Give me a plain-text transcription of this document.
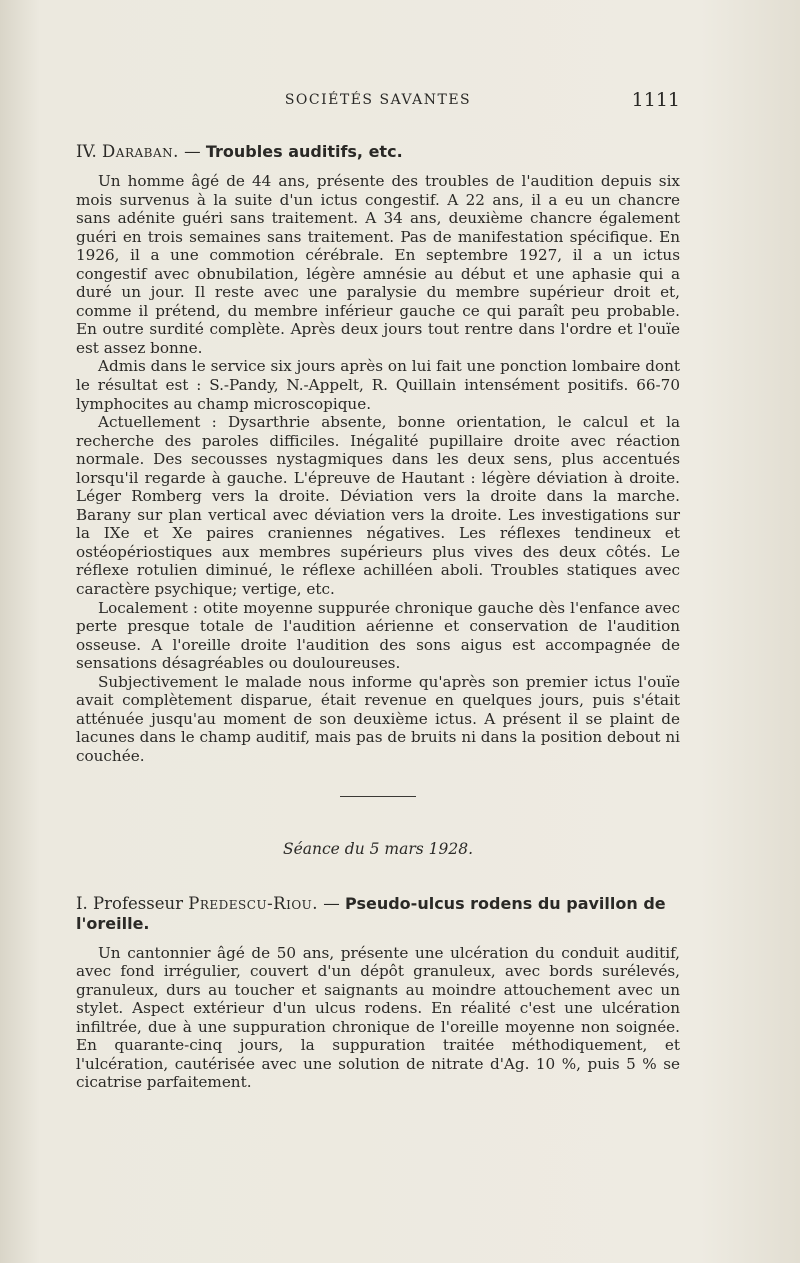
SOCIÉTÉS SAVANTES	1111
IV. Daraban. — Troubles auditifs, etc.

Un homme âgé de 44 ans, présente des troubles de l'audition depuis six mois survenus à la suite d'un ictus congestif. A 22 ans, il a eu un chancre sans adénite guéri sans traitement. A 34 ans, deuxième chancre également guéri en trois semaines sans traitement. Pas de manifestation spécifique. En 1926, il a une commotion cérébrale. En septembre 1927, il a un ictus congestif avec obnubilation, légère amnésie au début et une aphasie qui a duré un jour. Il reste avec une paralysie du membre supérieur droit et, comme il prétend, du membre inférieur gauche ce qui paraît peu probable. En outre surdité complète. Après deux jours tout rentre dans l'ordre et l'ouïe est assez bonne.

Admis dans le service six jours après on lui fait une ponction lombaire dont le résultat est : S.-Pandy, N.-Appelt, R. Quillain intensément positifs. 66-70 lymphocites au champ microscopique.

Actuellement : Dysarthrie absente, bonne orientation, le calcul et la recherche des paroles difficiles. Inégalité pupillaire droite avec réaction normale. Des secousses nystagmiques dans les deux sens, plus accentués lorsqu'il regarde à gauche. L'épreuve de Hautant : légère déviation à droite. Léger Romberg vers la droite. Déviation vers la droite dans la marche. Barany sur plan vertical avec déviation vers la droite. Les investigations sur la IXe et Xe paires craniennes négatives. Les réflexes tendineux et ostéopériostiques aux membres supérieurs plus vives des deux côtés. Le réflexe rotulien diminué, le réflexe achilléen aboli. Troubles statiques avec caractère psychique; vertige, etc.

Localement : otite moyenne suppurée chronique gauche dès l'enfance avec perte presque totale de l'audition aérienne et conservation de l'audition osseuse. A l'oreille droite l'audition des sons aigus est accompagnée de sensations désagréables ou douloureuses.

Subjectivement le malade nous informe qu'après son premier ictus l'ouïe avait complètement disparue, était revenue en quelques jours, puis s'était atténuée jusqu'au moment de son deuxième ictus. A présent il se plaint de lacunes dans le champ auditif, mais pas de bruits ni dans la position debout ni couchée.

Séance du 5 mars 1928.
I. Professeur Predescu-Riou. — Pseudo-ulcus rodens du pavillon de l'oreille.

Un cantonnier âgé de 50 ans, présente une ulcération du conduit auditif, avec fond irrégulier, couvert d'un dépôt granuleux, avec bords surélevés, granuleux, durs au toucher et saignants au moindre attouchement avec un stylet. Aspect extérieur d'un ulcus rodens. En réalité c'est une ulcération infiltrée, due à une suppuration chronique de l'oreille moyenne non soignée. En quarante-cinq jours, la suppuration traitée méthodiquement, et l'ulcération, cautérisée avec une solution de nitrate d'Ag. 10 %, puis 5 % se cicatrise parfaitement.
